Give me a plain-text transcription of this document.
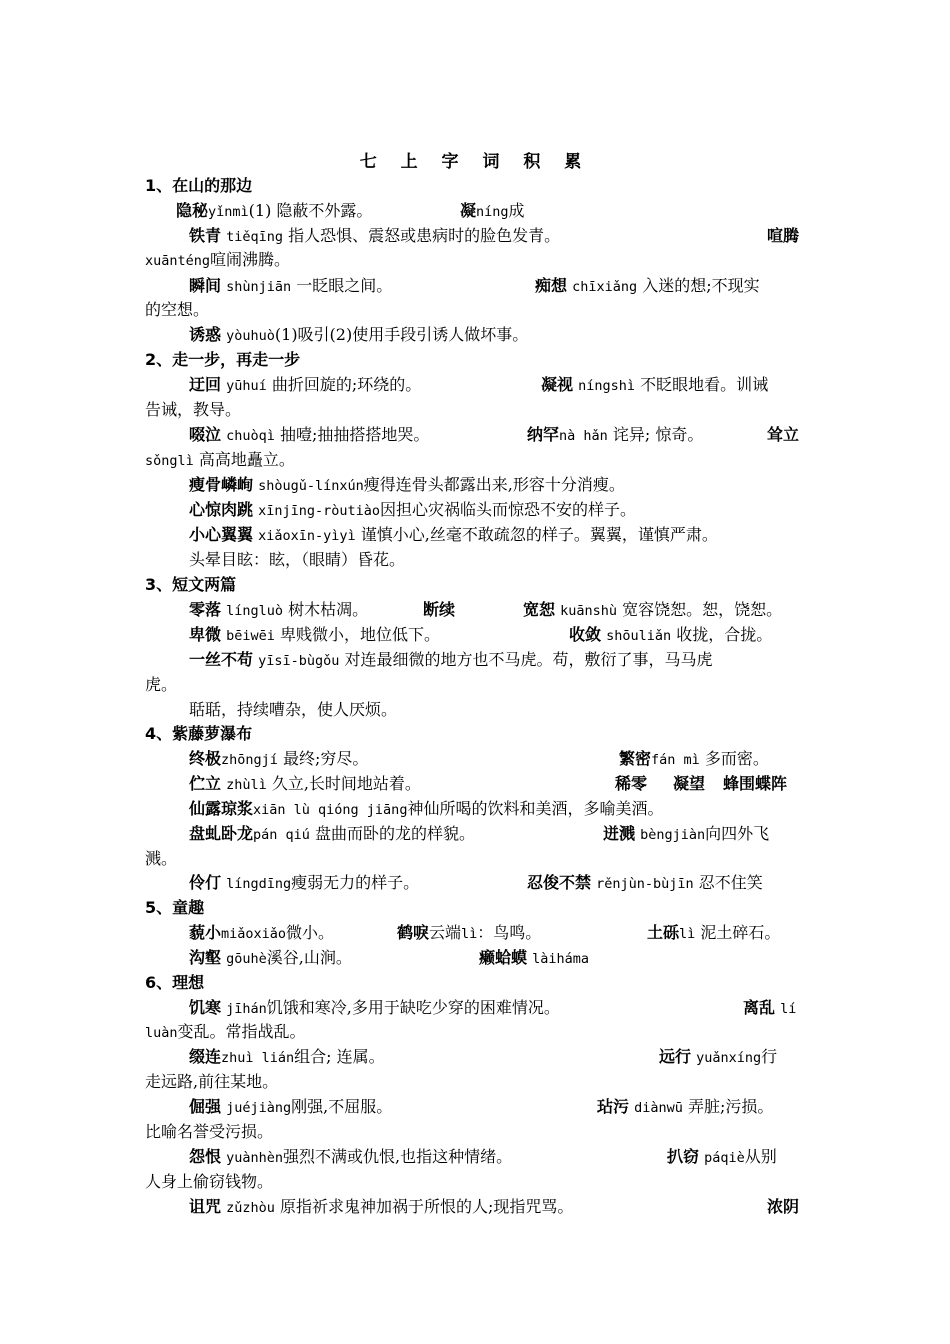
七 上 字 词 积 累
1、在山的那边
隐秘yǐnmì(1) 隐蔽不外露。	凝níng成
铁青 tiěqīng 指人恐惧、震怒或患病时的脸色发青。	喧腾
xuānténg喧闹沸腾。
瞬间 shùnjiān 一眨眼之间。	痴想 chīxiǎng 入迷的想;不现实
的空想。
诱惑 yòuhuò(1)吸引(2)使用手段引诱人做坏事。
2、走一步，再走一步
迂回 yūhuí 曲折回旋的;环绕的。	凝视 níngshì 不眨眼地看。训诫
告诫，教导。
啜泣 chuòqì 抽噎;抽抽搭搭地哭。	纳罕nà hǎn 诧异; 惊奇。	耸立
sǒnglì 高高地矗立。
瘦骨嶙峋 shòugǔ-línxún瘦得连骨头都露出来,形容十分消瘦。
心惊肉跳 xīnjīng-ròutiào因担心灾祸临头而惊恐不安的样子。
小心翼翼 xiǎoxīn-yìyì 谨慎小心,丝毫不敢疏忽的样子。翼翼，谨慎严肃。
头晕目眩：眩，（眼睛）昏花。
3、短文两篇
零落 língluò 树木枯凋。	断续	宽恕 kuānshù 宽容饶恕。恕，饶恕。
卑微 bēiwēi 卑贱微小，地位低下。	收敛 shōuliǎn 收拢，合拢。
一丝不苟 yīsī-bùgǒu 对连最细微的地方也不马虎。苟，敷衍了事，马马虎
虎。
聒聒，持续嘈杂，使人厌烦。
4、紫藤萝瀑布
终极zhōngjí 最终;穷尽。	繁密fán mì 多而密。
伫立 zhùlì 久立,长时间地站着。	稀零 凝望 蜂围蝶阵
仙露琼浆xiān lù qióng jiāng神仙所喝的饮料和美酒，多喻美酒。
盘虬卧龙pán qiú 盘曲而卧的龙的样貌。	迸溅 bèngjiàn向四外飞
溅。
伶仃 língdīng瘦弱无力的样子。	忍俊不禁 rěnjùn-bùjīn 忍不住笑
5、童趣
藐小miǎoxiǎo微小。	鹤唳云端lì：鸟鸣。	土砾lì 泥土碎石。
沟壑 gōuhè溪谷,山涧。	癞蛤蟆 làiháma
6、理想
饥寒 jīhán饥饿和寒冷,多用于缺吃少穿的困难情况。	离乱 lí
luàn变乱。常指战乱。
缀连zhuì lián组合; 连属。	远行 yuǎnxíng行
走远路,前往某地。
倔强 juéjiàng刚强,不屈服。	玷污 diànwū 弄脏;污损。
比喻名誉受污损。
怨恨 yuànhèn强烈不满或仇恨,也指这种情绪。	扒窃 páqiè从别
人身上偷窃钱物。
诅咒 zǔzhòu 原指祈求鬼神加祸于所恨的人;现指咒骂。	浓阴
